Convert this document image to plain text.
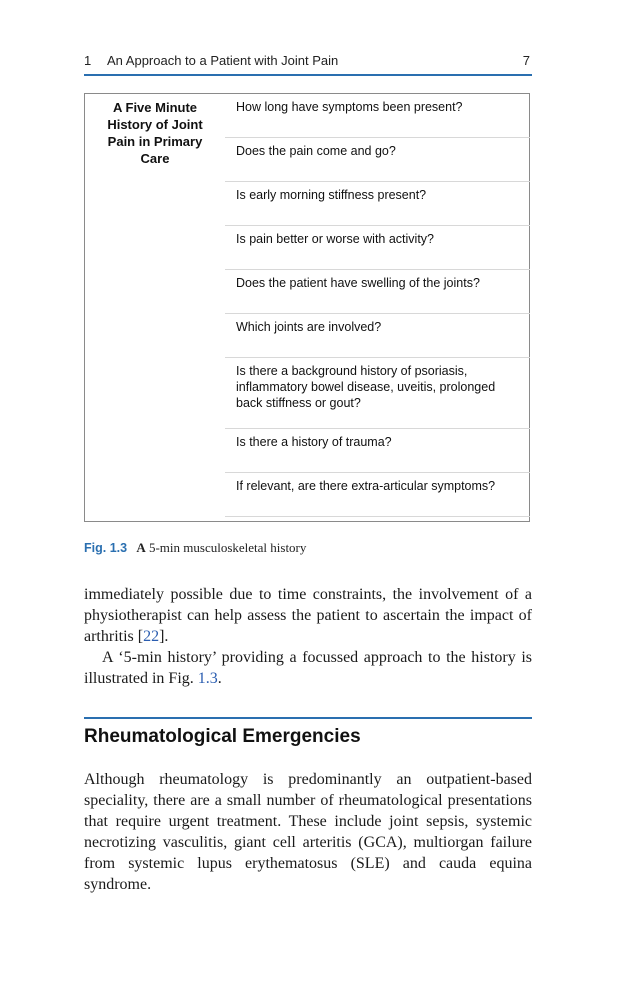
1 An Approach to a Patient with Joint Pain	7
A Five Minute History of Joint Pain in Primary Care
How long have symptoms been present?
Does the pain come and go?
Is early morning stiffness present?
Is pain better or worse with activity?
Does the patient have swelling of the joints?
Which joints are involved?
Is there a background history of psoriasis, inflammatory bowel disease, uveitis, prolonged back stiffness or gout?
Is there a history of trauma?
If relevant, are there extra-articular symptoms?
Fig. 1.3 A 5-min musculoskeletal history

immediately possible due to time constraints, the involvement of a physiotherapist can help assess the patient to ascertain the impact of arthritis [22].

A ‘5-min history’ providing a focussed approach to the history is illustrated in Fig. 1.3.

Rheumatological Emergencies

Although rheumatology is predominantly an outpatient-based speciality, there are a small number of rheumatological presentations that require urgent treatment. These include joint sepsis, systemic necrotizing vasculitis, giant cell arteritis (GCA), multiorgan failure from systemic lupus erythematosus (SLE) and cauda equina syndrome.
